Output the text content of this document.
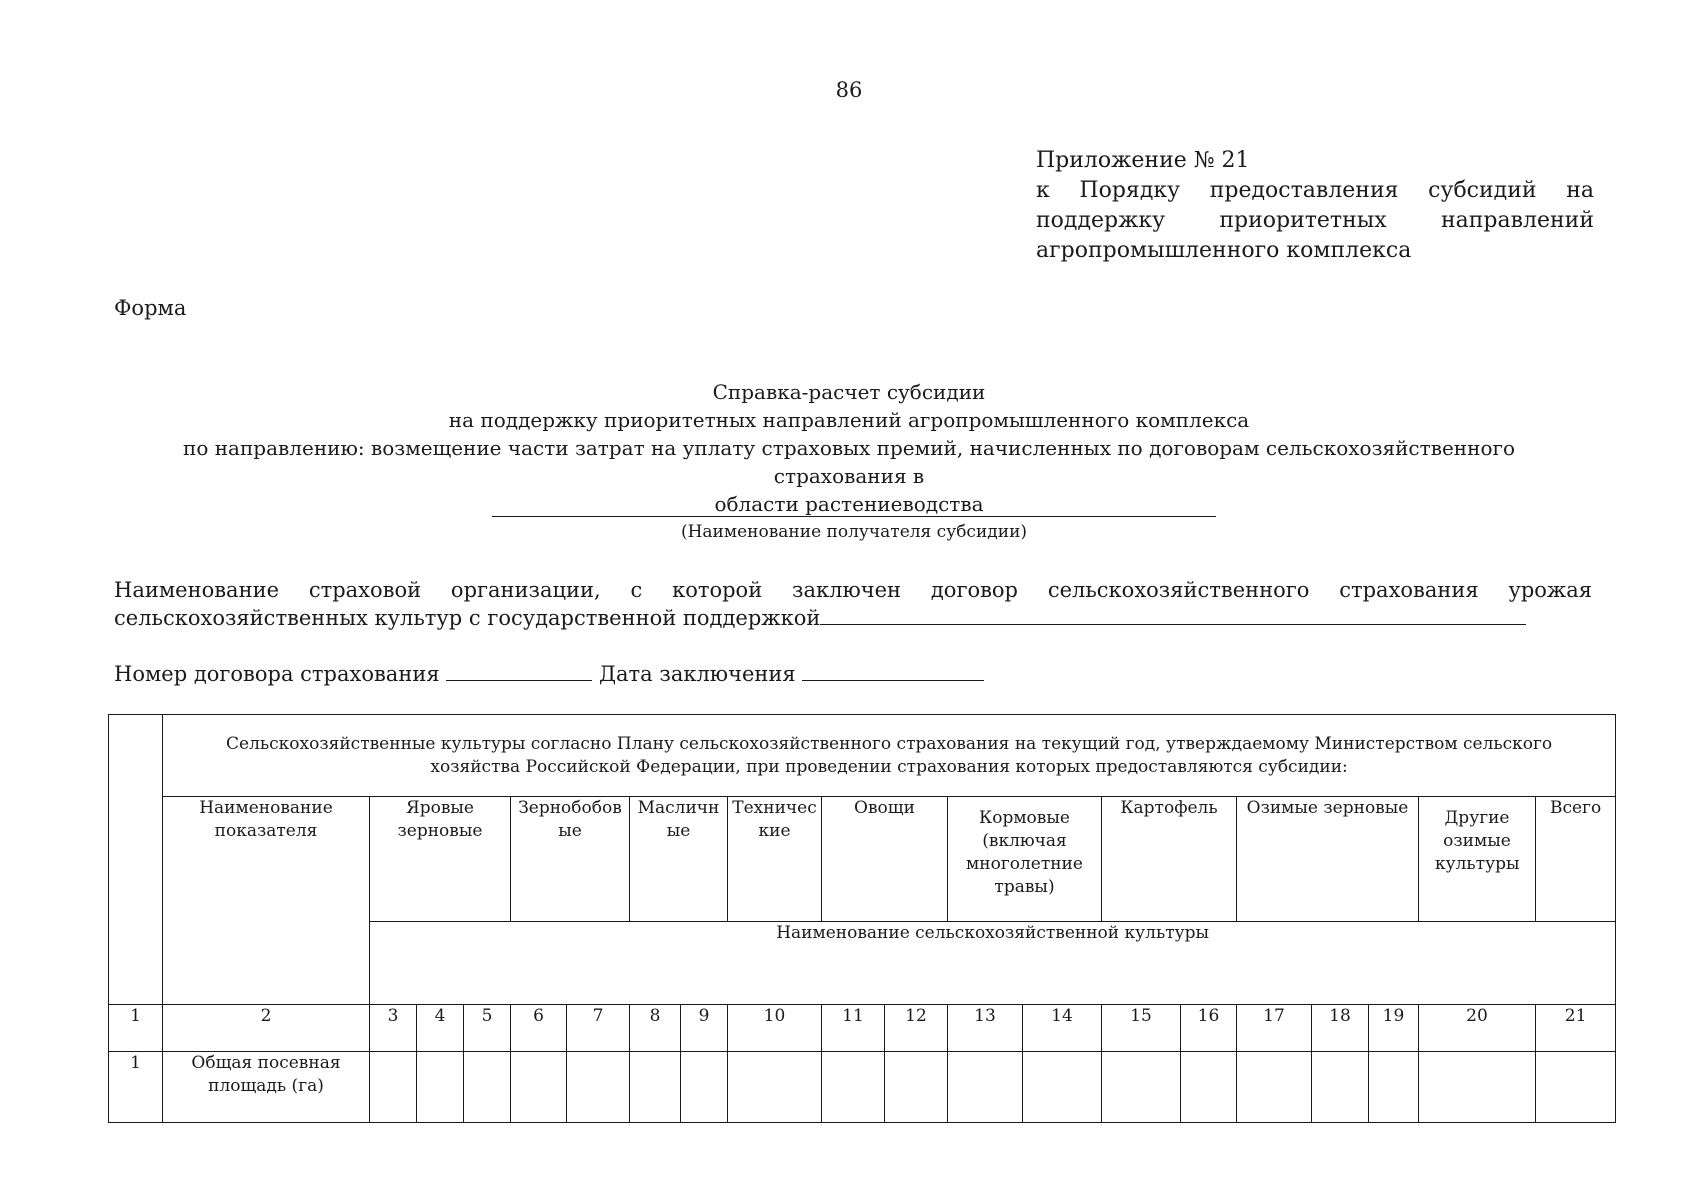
86
Приложение № 21
к Порядку предоставления субсидий на
поддержку приоритетных направлений
агропромышленного комплекса
Форма
Справка-расчет субсидии
на поддержку приоритетных направлений агропромышленного комплекса
по направлению: возмещение части затрат на уплату страховых премий, начисленных по договорам сельскохозяйственного страхования в
области растениеводства
(Наименование получателя субсидии)
Наименование страховой организации, с которой заключен договор сельскохозяйственного страхования урожая сельскохозяйственных культур с государственной поддержкой
Номер договора страхования	Дата заключения
	Сельскохозяйственные культуры согласно Плану сельскохозяйственного страхования на текущий год, утверждаемому Министерством сельского хозяйства Российской Федерации, при проведении страхования которых предоставляются субсидии:																			
	Наименование показателя	Яровые зерновые			Зернобобов ые		Масличн ые		Техничес кие	Овощи		Кормовые (включая многолетние травы)		Картофель		Озимые зерновые			Другие озимые культуры	Всего
		Наименование сельскохозяйственной культуры																		
1	2	3	4	5	6	7	8	9	10	11	12	13	14	15	16	17	18	19	20	21
1	Общая посевная площадь (га)																			
